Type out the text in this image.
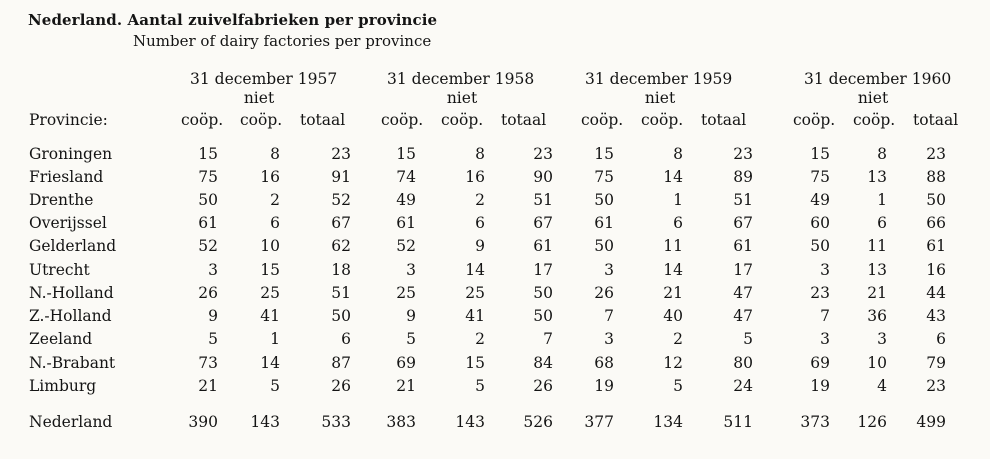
Nederland. Aantal zuivelfabrieken per provincie
Number of dairy factories per province
31 december 1957	31 december 1958	31 december 1959	31 december 1960
niet	niet	niet	niet
Provincie:	coöp. coöp. totaal coöp. coöp. totaal coöp. coöp. totaal	coöp. coöp. totaal
Groningen	15	8	23	15	8	23	15	8	23	15	8	23
Friesland	75	16	91	74	16	90	75	14	89	75	13	88
Drenthe	50	2	52	49	2	51	50	1	51	49	1	50
Overijssel	61	6	67	61	6	67	61	6	67	60	6	66
Gelderland	52	10	62	52	9	61	50	11	61	50	11	61
Utrecht	3	15	18	3	14	17	3	14	17	3	13	16
N.-Holland	26	25	51	25	25	50	26	21	47	23	21	44
Z.-Holland	9	41	50	9	41	50	7	40	47	7	36	43
Zeeland	5	1	6	5	2	7	3	2	5	3	3	6
N.-Brabant	73	14	87	69	15	84	68	12	80	69	10	79
Limburg	21	5	26	21	5	26	19	5	24	19	4	23
Nederland	390	143	533	383	143	526	377	134	511	373	126	499
